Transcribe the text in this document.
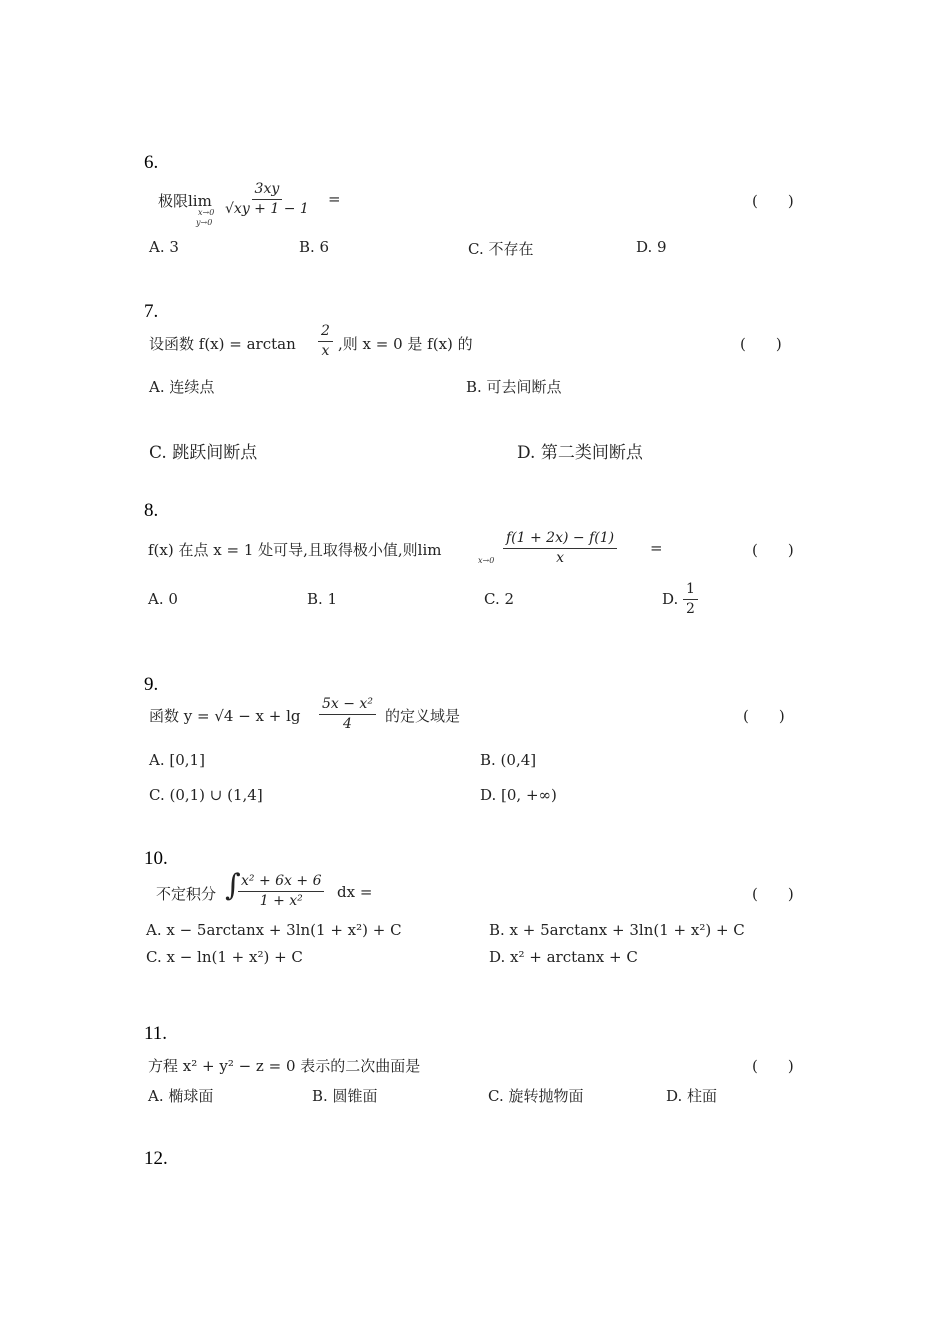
6.
极限lim
x→0
y→0
$\frac{3xy}{√xy + 1 - 1}$ =	(　　)
A. 3	B. 6	C. 不存在	D. 9
7.
设函数 $f(x) = \arctan \frac{2}{x}$ ,则 x = 0 是 f(x) 的	(　　)
A. 连续点	B. 可去间断点
C. 跳跃间断点	D. 第二类间断点
8.
f(x) 在点 x = 1 处可导,且取得极小值,则lim
$x\to 0 \frac{f(1 + 2x) - f(1)}{x}$ =	(　　)
A. 0	B. 1	C. 2	D. $\frac{1}{2}$
9.
函数 $y = √4 - x + \lg \frac{\text{5x − x²}}{4}$ 的定义域是	(　　)
A. [0,1]	B. (0,4]
C. (0,1) ∪ (1,4]	D. [0, +∞)
10.
不定积分 ∫
$\frac{\text{x² + 6x + 6}}{\text{1 + x²}}$ dx =	(　　)
A. x − 5arctanx + 3ln(1 + x²) + C	B. x + 5arctanx + 3ln(1 + x²) + C
C. x − ln(1 + x²) + C	D. x² + arctanx + C
11.
方程 x² + y² − z = 0 表示的二次曲面是	(　　)
A. 椭球面	B. 圆锥面	C. 旋转抛物面	D. 柱面
12.
